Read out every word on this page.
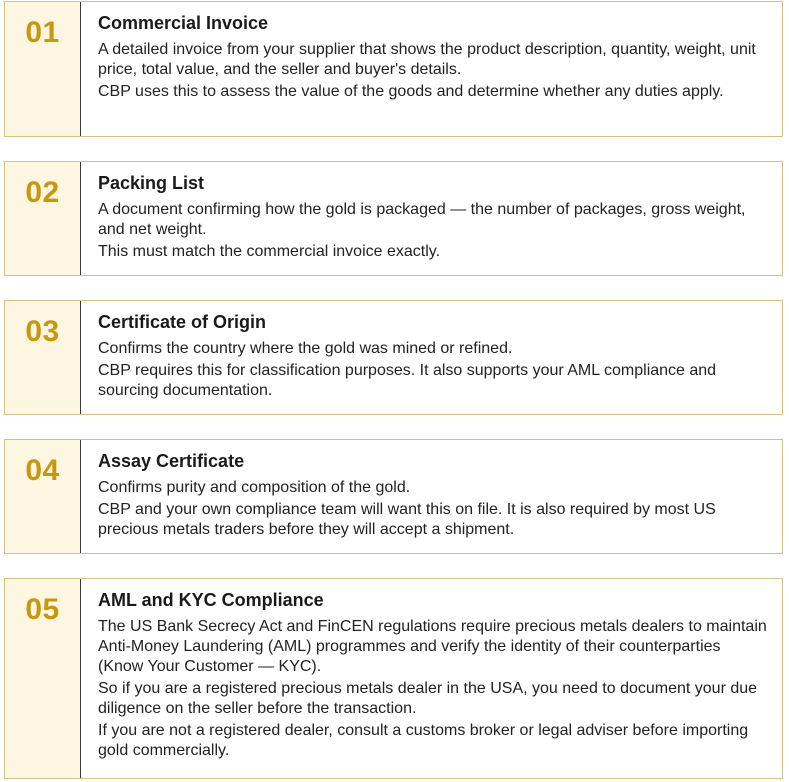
01 Commercial Invoice

A detailed invoice from your supplier that shows the product description, quantity, weight, unit price, total value, and the seller and buyer's details.

CBP uses this to assess the value of the goods and determine whether any duties apply.

02 Packing List

A document confirming how the gold is packaged — the number of packages, gross weight, and net weight.

This must match the commercial invoice exactly.

03 Certificate of Origin

Confirms the country where the gold was mined or refined.

CBP requires this for classification purposes. It also supports your AML compliance and sourcing documentation.

04 Assay Certificate

Confirms purity and composition of the gold.

CBP and your own compliance team will want this on file. It is also required by most US precious metals traders before they will accept a shipment.

05 AML and KYC Compliance

The US Bank Secrecy Act and FinCEN regulations require precious metals dealers to maintain Anti-Money Laundering (AML) programmes and verify the identity of their counterparties (Know Your Customer — KYC).

So if you are a registered precious metals dealer in the USA, you need to document your due diligence on the seller before the transaction.

If you are not a registered dealer, consult a customs broker or legal adviser before importing gold commercially.
